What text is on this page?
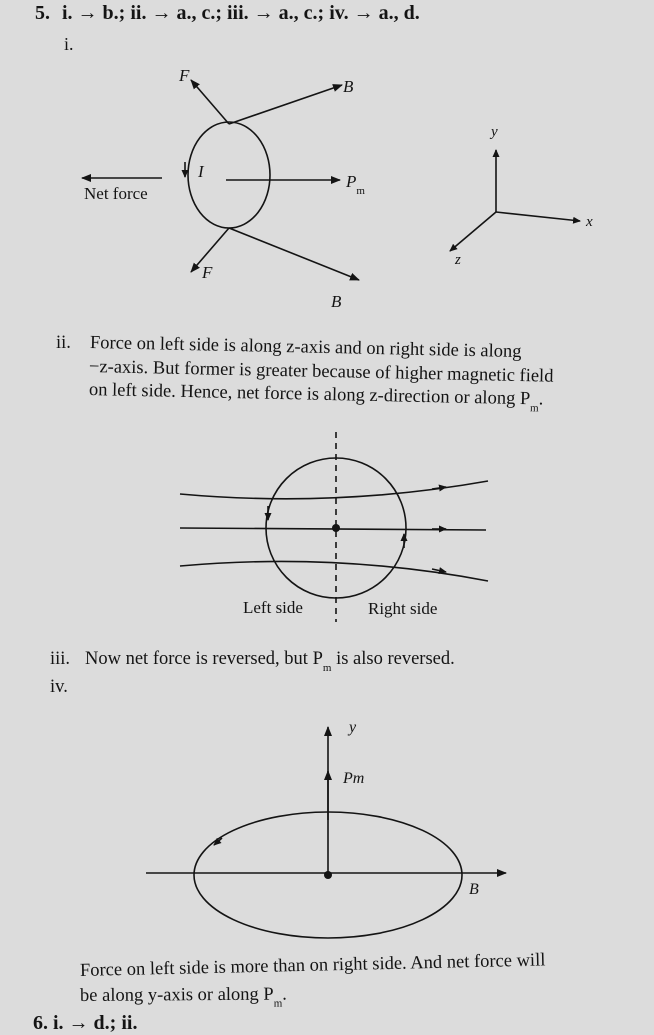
5. i. → b.; ii. → a., c.; iii. → a., c.; iv. → a., d.
i.
F
B
I
$P_m$
Net force
F
B⃗
y
x
z
ii. Force on left side is along z-axis and on right side is along
−z-axis. But former is greater because of higher magnetic field
on left side. Hence, net force is along z-direction or along $P_m$.
Left side	Right side
iii. Now net force is reversed, but $P_m$ is also reversed.
iv.
y
Pm
B
Force on left side is more than on right side. And net force will
be along y-axis or along $P_m$.
6. i. → d.; ii.
